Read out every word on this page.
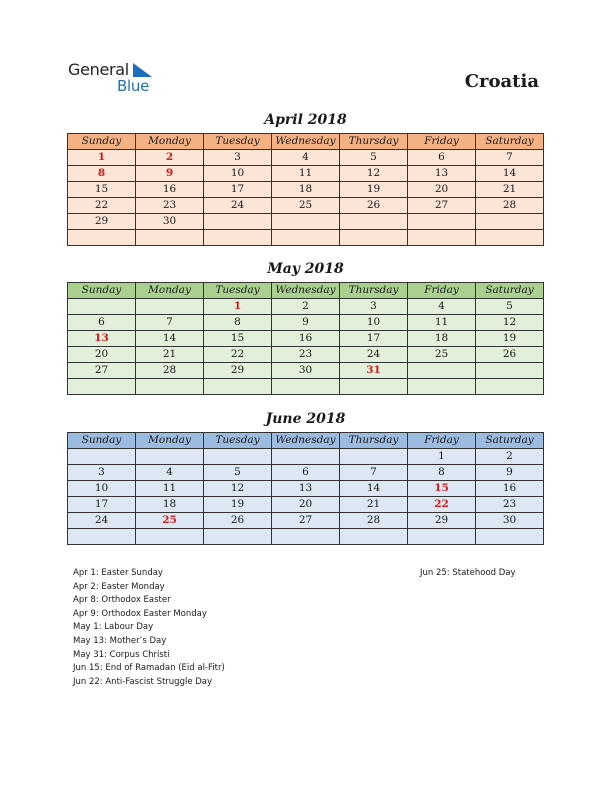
General
Blue	Croatia
April 2018
Sunday	Monday	Tuesday	Wednesday	Thursday	Friday	Saturday
1	2	3	4	5	6	7
8	9	10	11	12	13	14
15	16	17	18	19	20	21
22	23	24	25	26	27	28
29	30					

May 2018
Sunday	Monday	Tuesday	Wednesday	Thursday	Friday	Saturday
		1	2	3	4	5
6	7	8	9	10	11	12
13	14	15	16	17	18	19
20	21	22	23	24	25	26
27	28	29	30	31		

June 2018
Sunday	Monday	Tuesday	Wednesday	Thursday	Friday	Saturday
					1	2
3	4	5	6	7	8	9
10	11	12	13	14	15	16
17	18	19	20	21	22	23
24	25	26	27	28	29	30

Apr 1: Easter Sunday
Apr 2: Easter Monday
Apr 8: Orthodox Easter
Apr 9: Orthodox Easter Monday
May 1: Labour Day
May 13: Mother’s Day
May 31: Corpus Christi
Jun 15: End of Ramadan (Eid al-Fitr)
Jun 22: Anti-Fascist Struggle Day
Jun 25: Statehood Day
